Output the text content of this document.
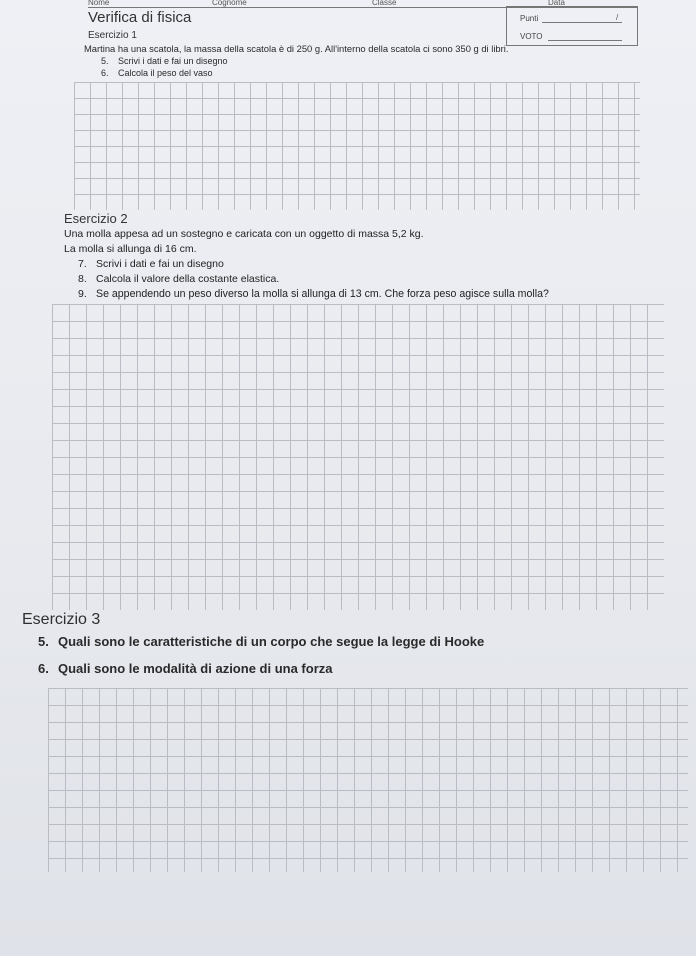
Nome	Cognome	Classe	Data
Punti	/
VOTO
Verifica di fisica
Esercizio 1
Martina ha una scatola, la massa della scatola è di 250 g. All'interno della scatola ci sono 350 g di libri.
5. Scrivi i dati e fai un disegno
6. Calcola il peso del vaso
Esercizio 2
Una molla appesa ad un sostegno e caricata con un oggetto di massa 5,2 kg.
La molla si allunga di 16 cm.
7. Scrivi i dati e fai un disegno
8. Calcola il valore della costante elastica.
9. Se appendendo un peso diverso la molla si allunga di 13 cm. Che forza peso agisce sulla molla?
Esercizio 3
5. Quali sono le caratteristiche di un corpo che segue la legge di Hooke
6. Quali sono le modalità di azione di una forza
